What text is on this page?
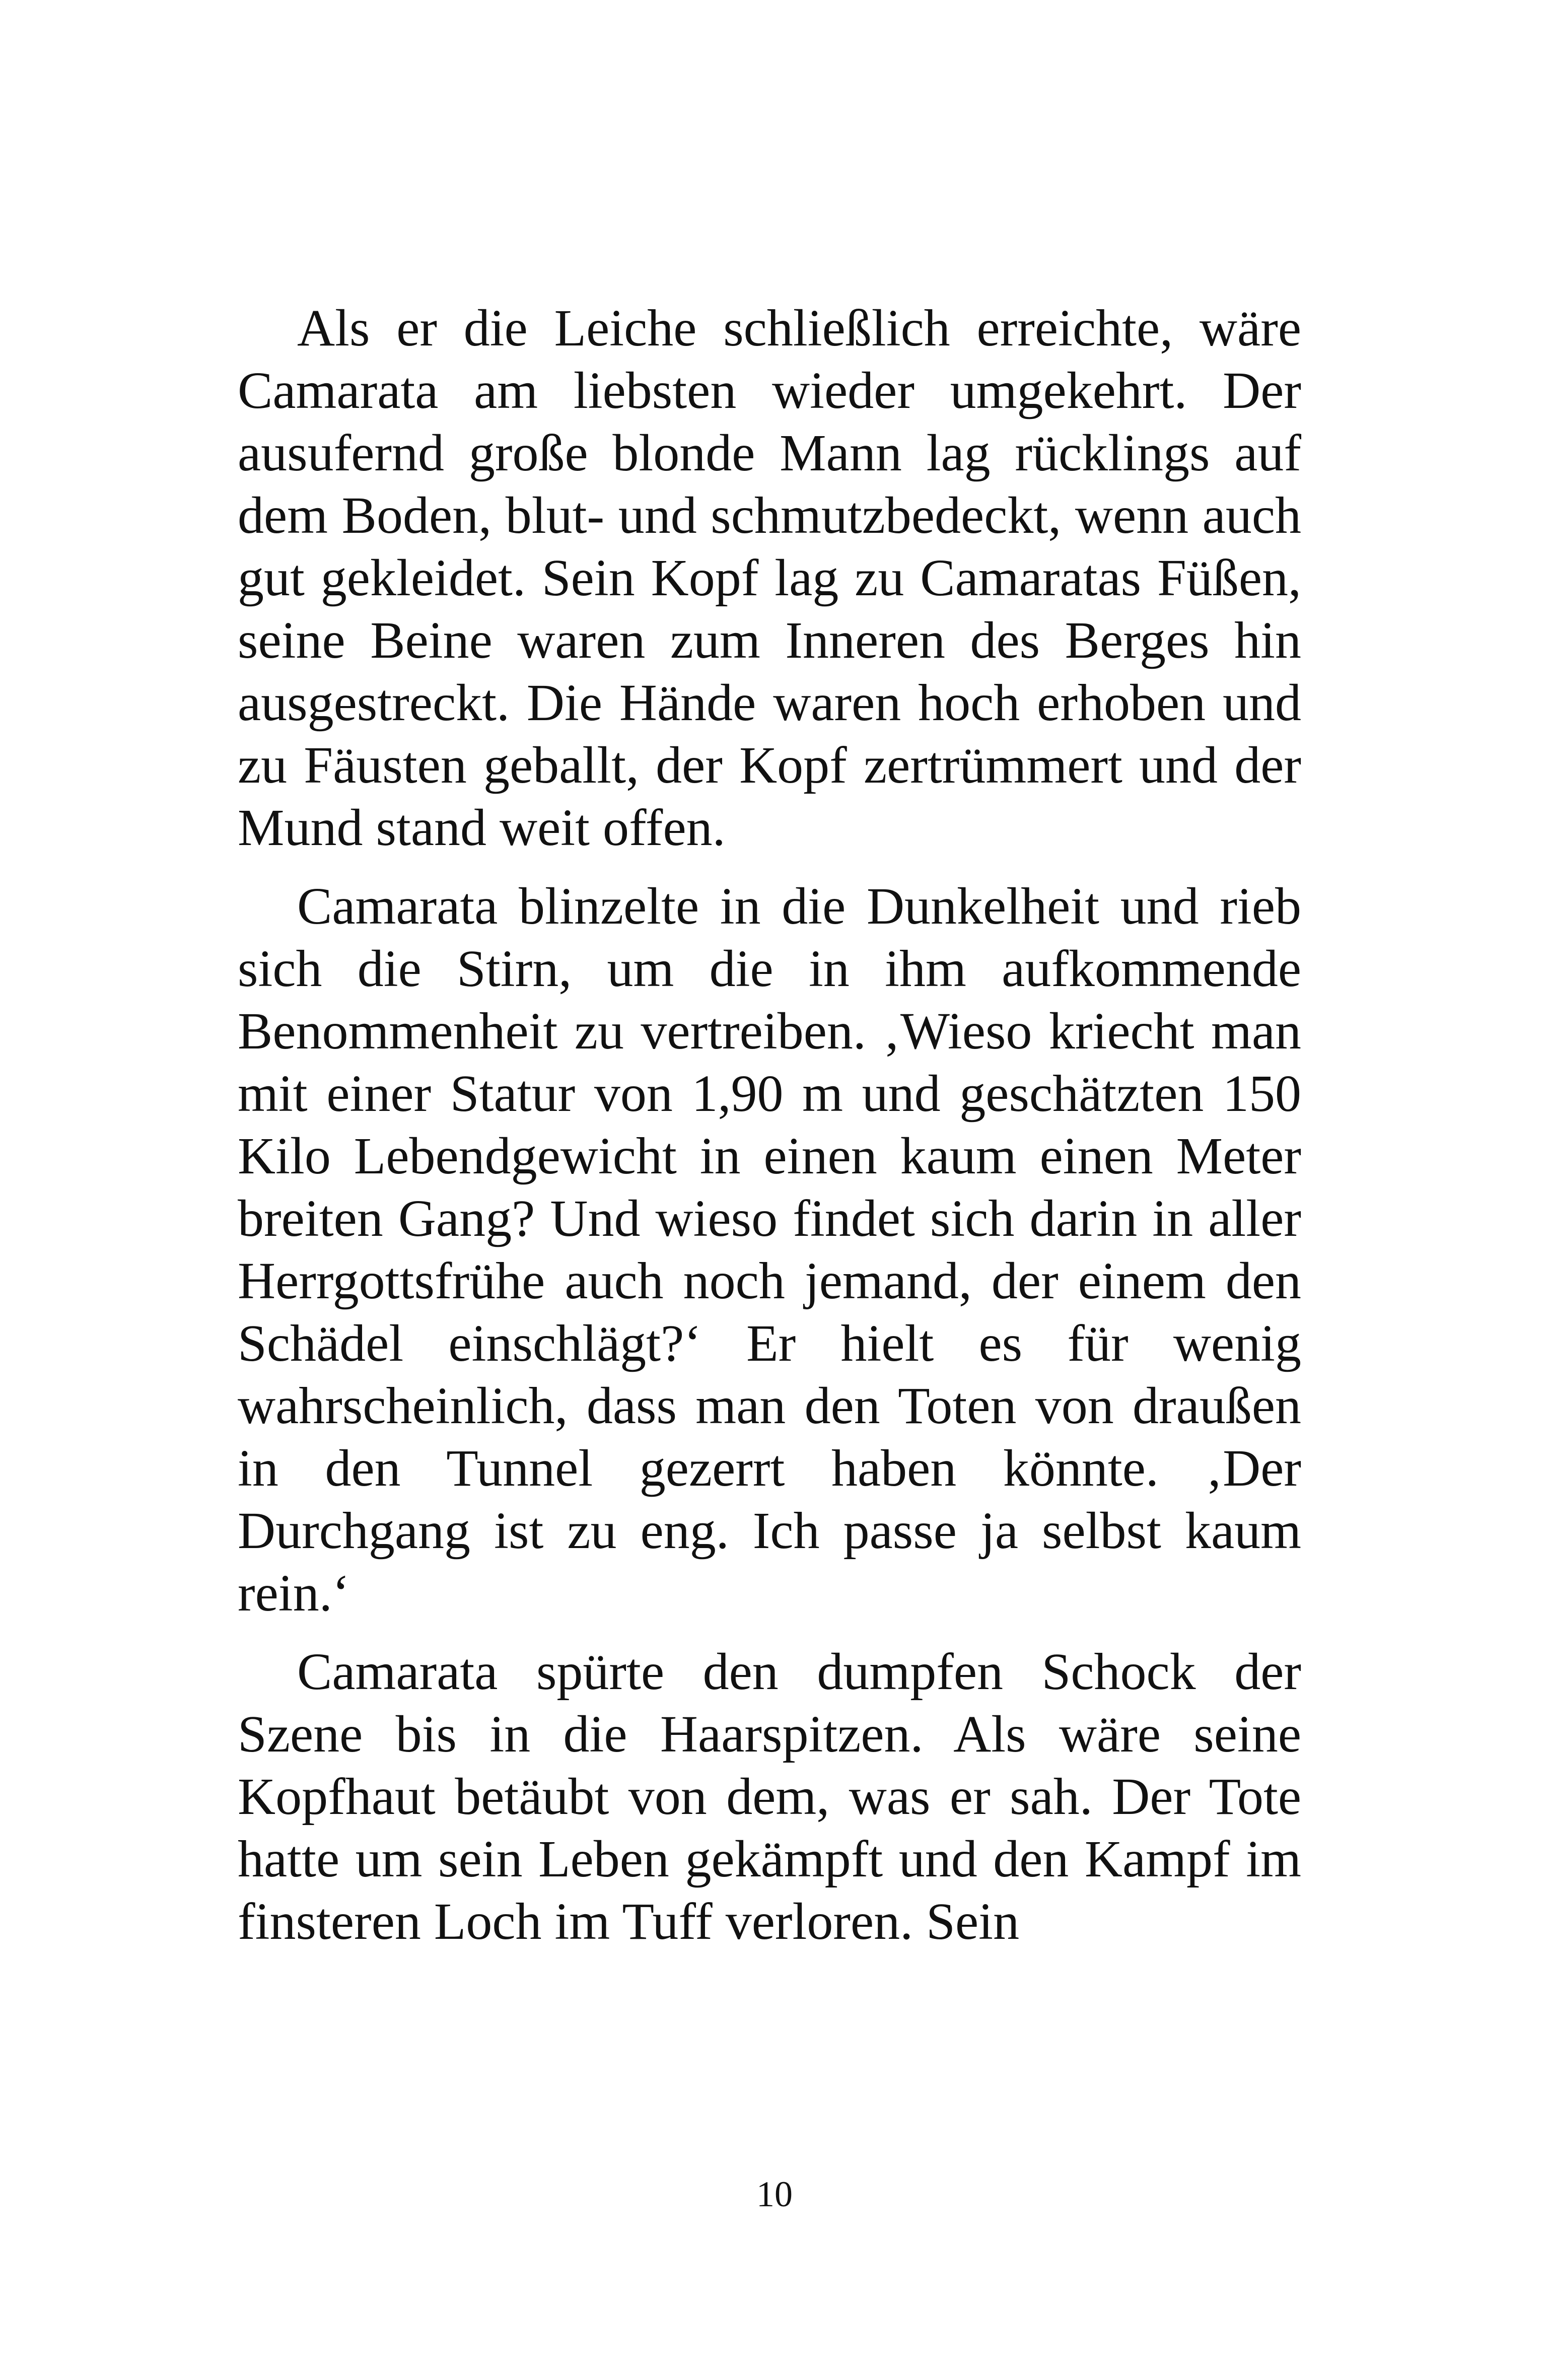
Als er die Leiche schließlich erreichte, wäre Camarata am liebsten wieder umgekehrt. Der ausufernd große blonde Mann lag rücklings auf dem Boden, blut- und schmutzbedeckt, wenn auch gut gekleidet. Sein Kopf lag zu Camaratas Füßen, seine Beine waren zum Inneren des Berges hin ausgestreckt. Die Hände waren hoch erhoben und zu Fäusten geballt, der Kopf zertrümmert und der Mund stand weit offen.

Camarata blinzelte in die Dunkelheit und rieb sich die Stirn, um die in ihm aufkommende Benommenheit zu vertreiben. ‚Wieso kriecht man mit einer Statur von 1,90 m und geschätzten 150 Kilo Lebendgewicht in einen kaum einen Meter breiten Gang? Und wieso findet sich darin in aller Herrgottsfrühe auch noch jemand, der einem den Schädel einschlägt?‘ Er hielt es für wenig wahrscheinlich, dass man den Toten von draußen in den Tunnel gezerrt haben könnte. ‚Der Durchgang ist zu eng. Ich passe ja selbst kaum rein.‘

Camarata spürte den dumpfen Schock der Szene bis in die Haarspitzen. Als wäre seine Kopfhaut betäubt von dem, was er sah. Der Tote hatte um sein Leben gekämpft und den Kampf im finsteren Loch im Tuff verloren. Sein

10
